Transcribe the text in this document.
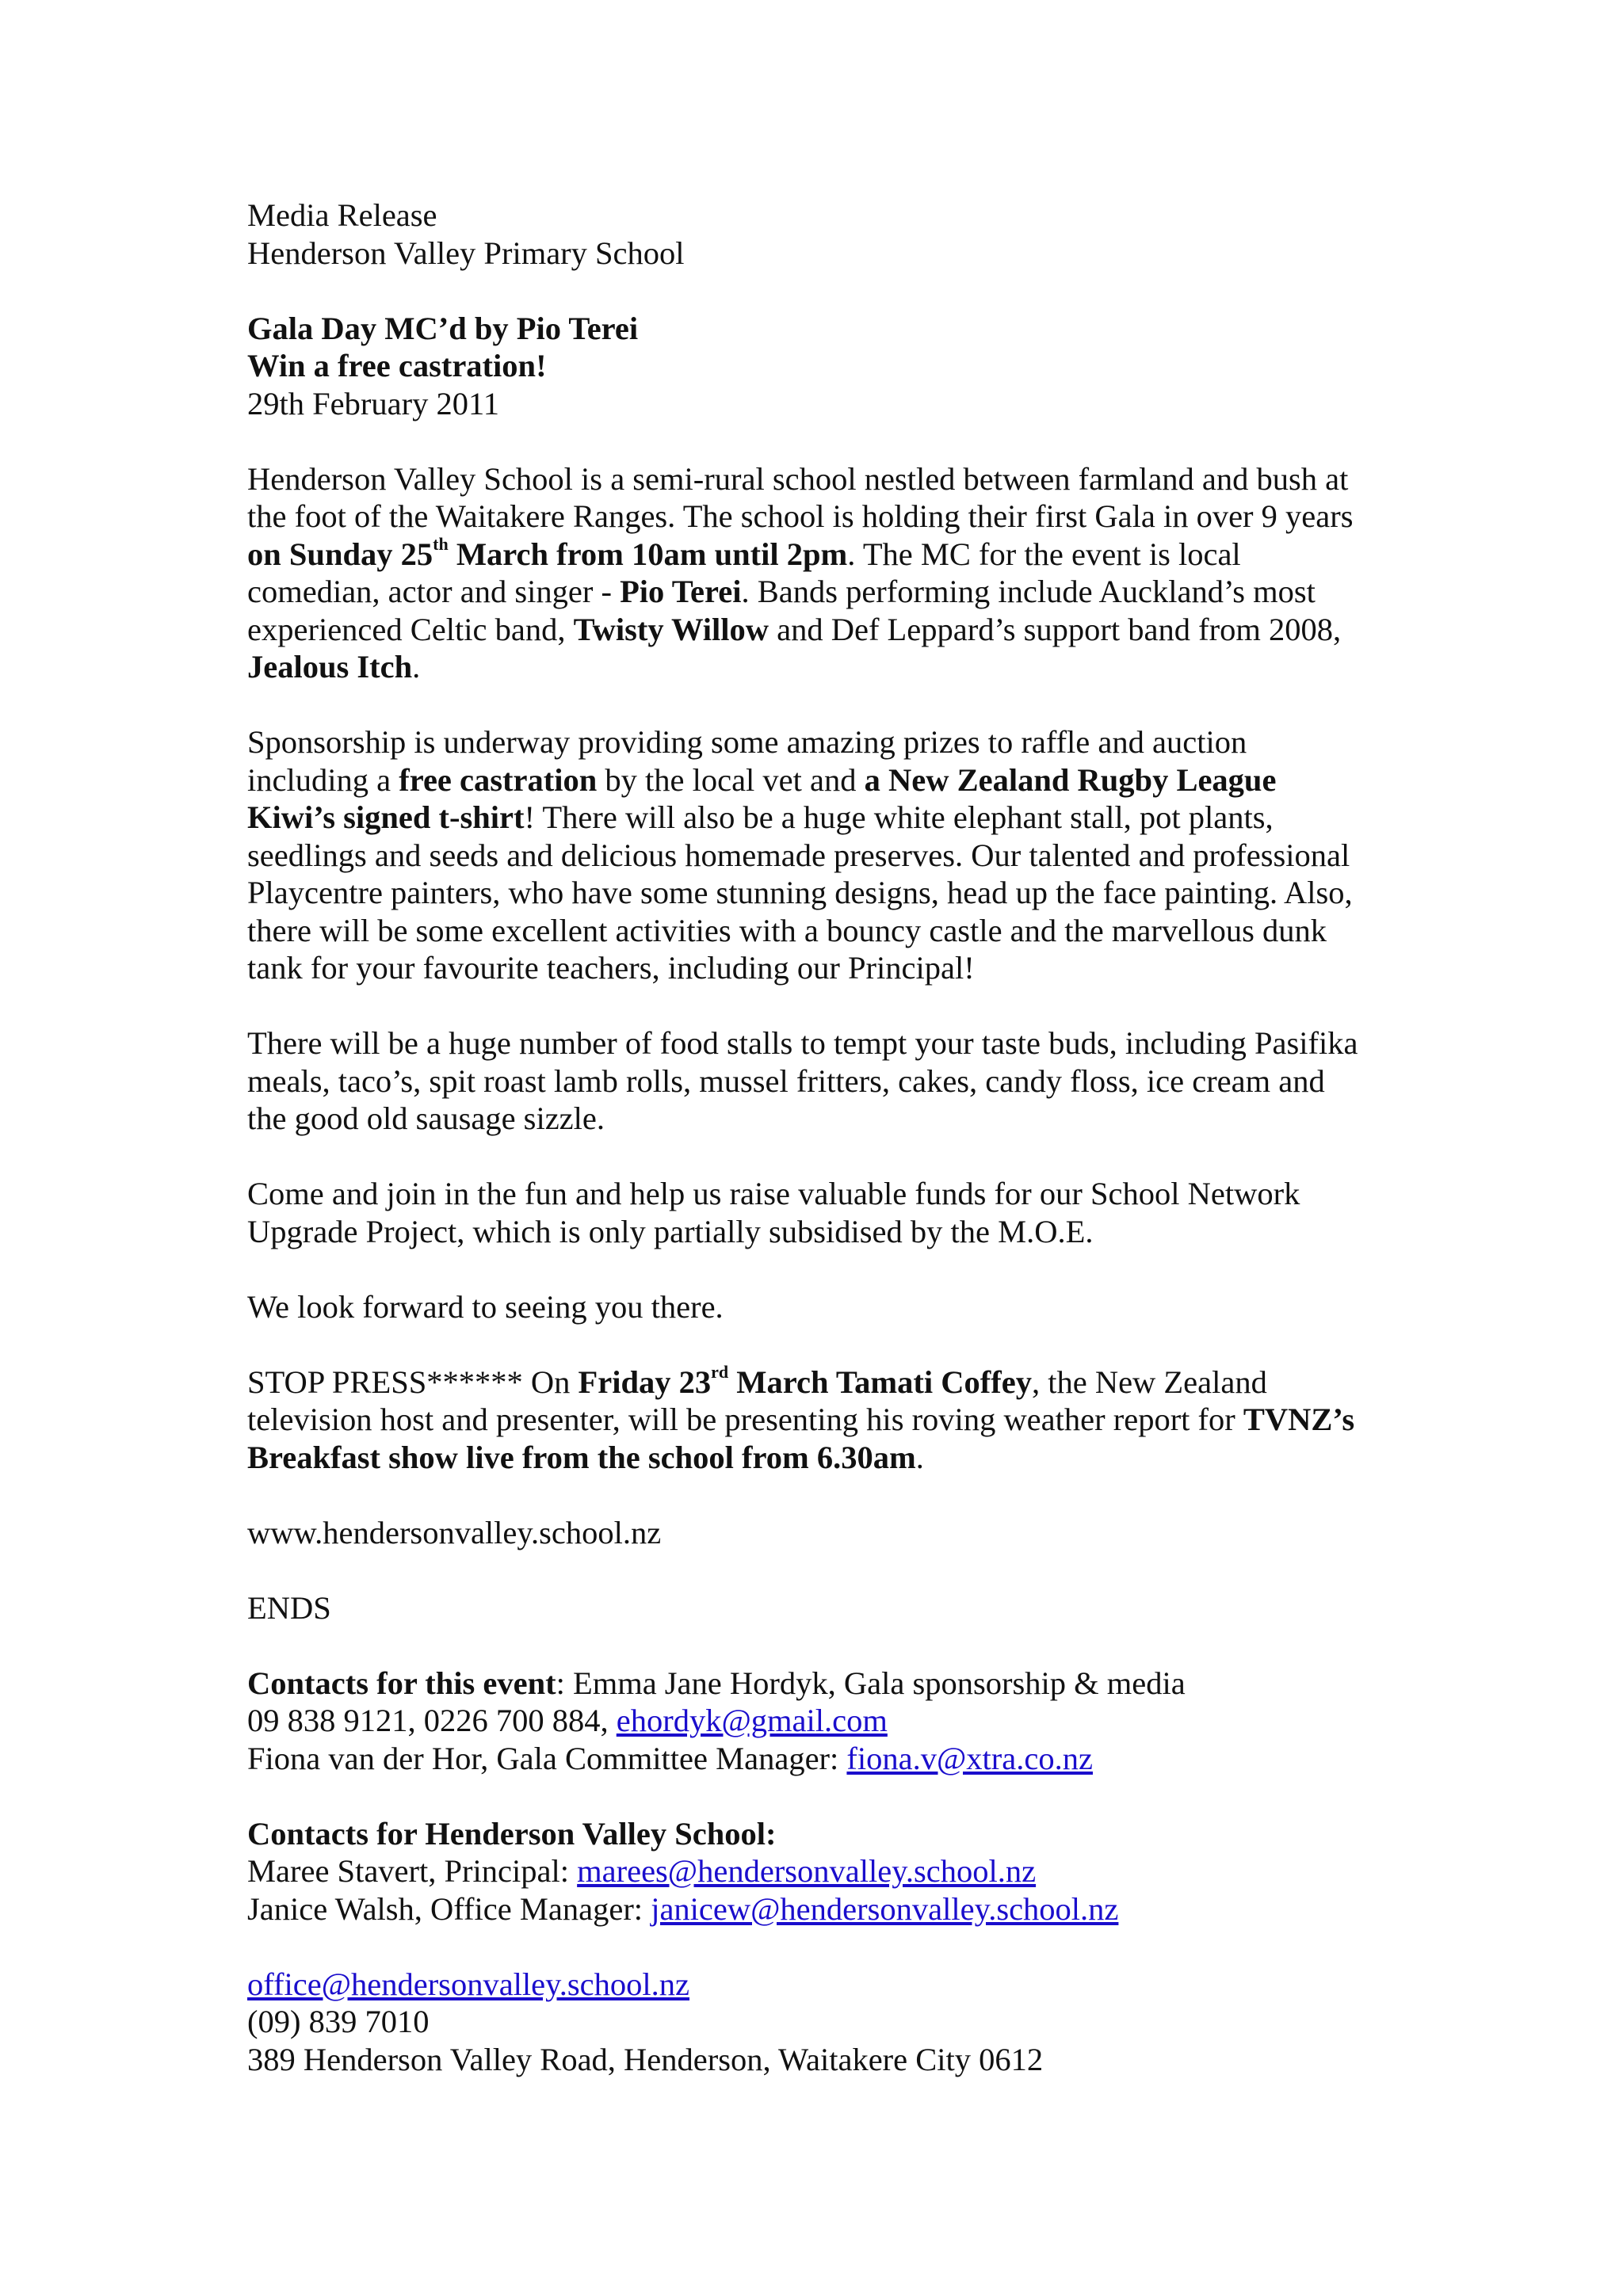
Media Release
Henderson Valley Primary School
Gala Day MC’d by Pio Terei
Win a free castration!
29th February 2011
Henderson Valley School is a semi-rural school nestled between farmland and bush at
the foot of the Waitakere Ranges. The school is holding their first Gala in over 9 years
on Sunday 25th March from 10am until 2pm. The MC for the event is local
comedian, actor and singer - Pio Terei. Bands performing include Auckland’s most
experienced Celtic band, Twisty Willow and Def Leppard’s support band from 2008,
Jealous Itch.
Sponsorship is underway providing some amazing prizes to raffle and auction
including a free castration by the local vet and a New Zealand Rugby League
Kiwi’s signed t-shirt! There will also be a huge white elephant stall, pot plants,
seedlings and seeds and delicious homemade preserves. Our talented and professional
Playcentre painters, who have some stunning designs, head up the face painting. Also,
there will be some excellent activities with a bouncy castle and the marvellous dunk
tank for your favourite teachers, including our Principal!
There will be a huge number of food stalls to tempt your taste buds, including Pasifika
meals, taco’s, spit roast lamb rolls, mussel fritters, cakes, candy floss, ice cream and
the good old sausage sizzle.
Come and join in the fun and help us raise valuable funds for our School Network
Upgrade Project, which is only partially subsidised by the M.O.E.
We look forward to seeing you there.
STOP PRESS****** On Friday 23rd March Tamati Coffey, the New Zealand
television host and presenter, will be presenting his roving weather report for TVNZ’s
Breakfast show live from the school from 6.30am.
www.hendersonvalley.school.nz
ENDS
Contacts for this event: Emma Jane Hordyk, Gala sponsorship & media
09 838 9121, 0226 700 884, ehordyk@gmail.com
Fiona van der Hor, Gala Committee Manager: fiona.v@xtra.co.nz
Contacts for Henderson Valley School:
Maree Stavert, Principal: marees@hendersonvalley.school.nz
Janice Walsh, Office Manager: janicew@hendersonvalley.school.nz
office@hendersonvalley.school.nz
(09) 839 7010
389 Henderson Valley Road, Henderson, Waitakere City 0612
